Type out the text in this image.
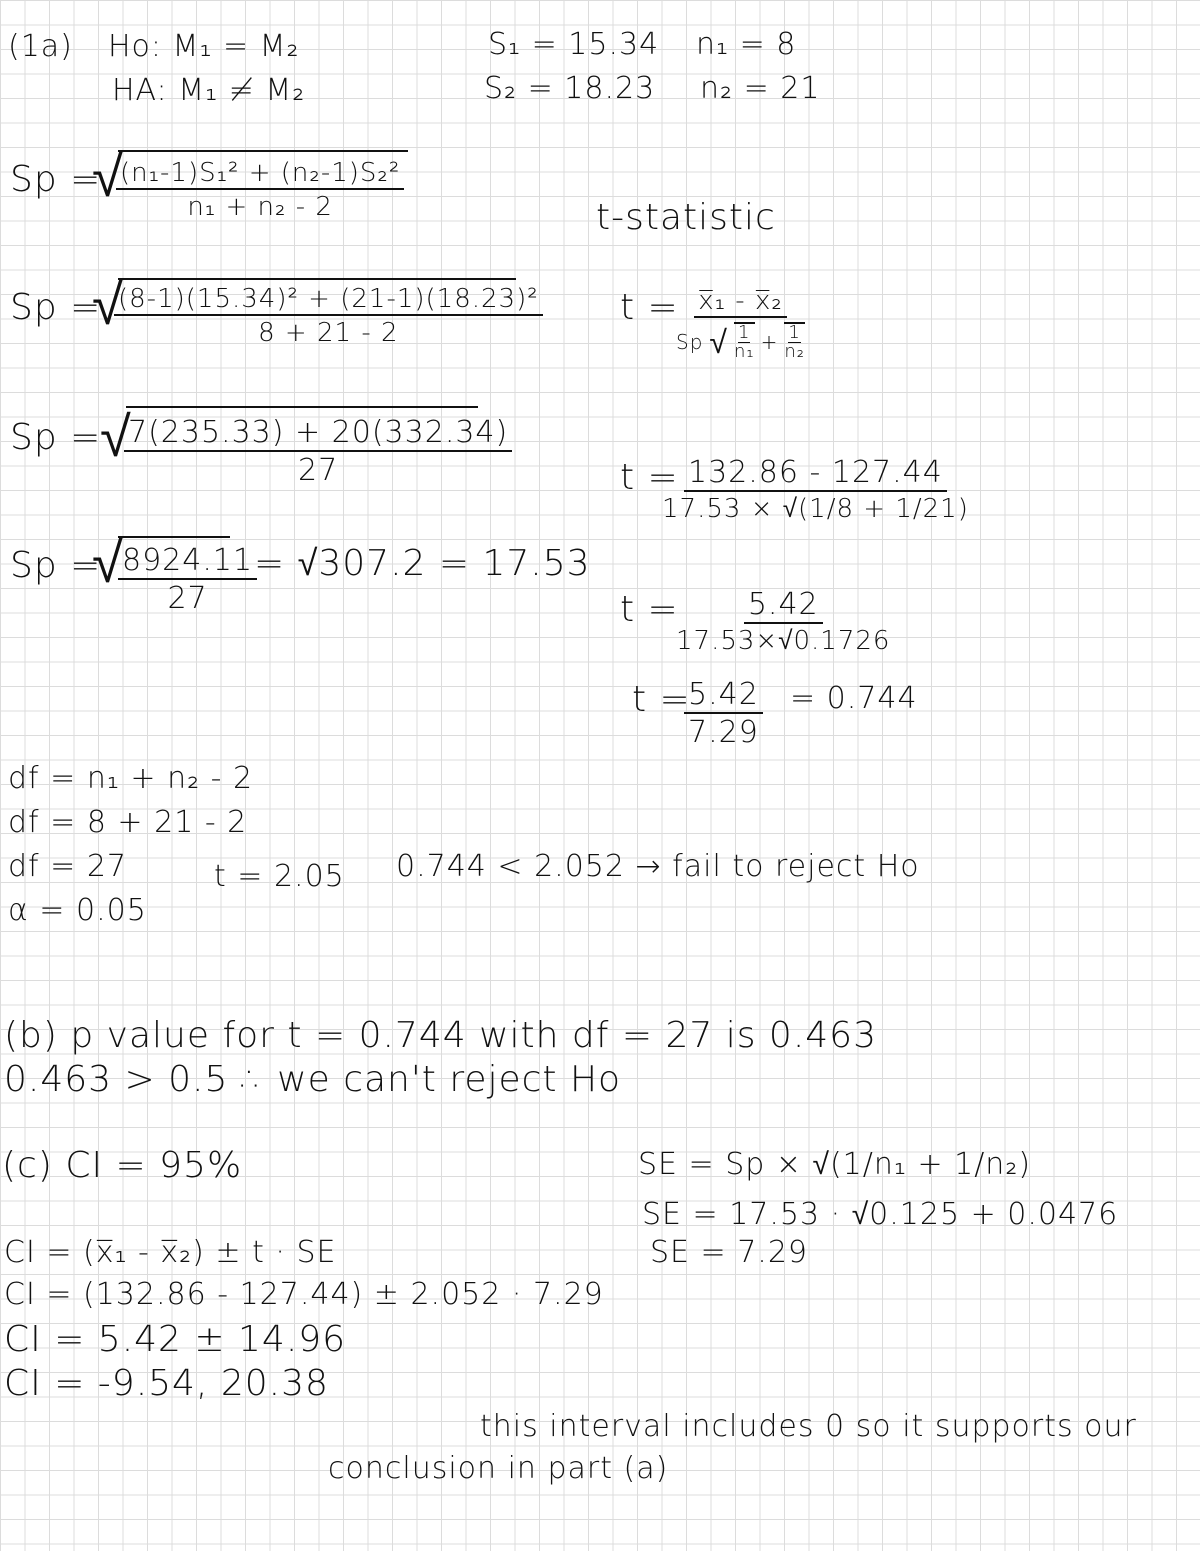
(1a) Ho: M₁ = M₂
HA: M₁ ≠ M₂
S₁ = 15.34 n₁ = 8
S₂ = 18.23 n₂ = 21
Sp =
√
$\frac{\text{(n₁-1)S₁² + (n₂-1)S₂²}}{\text{n₁ + n₂ - 2}}$	t-statistic
Sp =
√
$\frac{\text{(8-1)(15.34)² + (21-1)(18.23)²}}{8 + 21 - 2}$ t = x̅₁ - x̅₂
Sp √ $\frac{1}{\text{n₁}} + \frac{1}{\text{n₂}}$
Sp =
√
$\frac{7(235.33) + 20(332.34)}{27}$	t =
$\frac{132.86 - 127.44}{17.53 \times √(1/8 + 1/21)}$
Sp =
√
$\frac{8924.11}{27}$
= √307.2 = 17.53
t =
$\frac{5.42}{17.53\times√0.1726}$
t =
$\frac{5.42}{7.29} = 0.744$
df = n₁ + n₂ - 2
df = 8 + 21 - 2
df = 27
α = 0.05
t = 2.05 0.744 < 2.052 → fail to reject Ho
(b) p value for t = 0.744 with df = 27 is 0.463
0.463 > 0.5 ∴ we can't reject Ho
(c) CI = 95%	SE = Sp × √(1/n₁ + 1/n₂)
SE = 17.53 · √0.125 + 0.0476
SE = 7.29
CI = (x̅₁ - x̅₂) ± t · SE
CI = (132.86 - 127.44) ± 2.052 · 7.29
CI = 5.42 ± 14.96
CI = -9.54, 20.38
this interval includes 0 so it supports our
conclusion in part (a)
